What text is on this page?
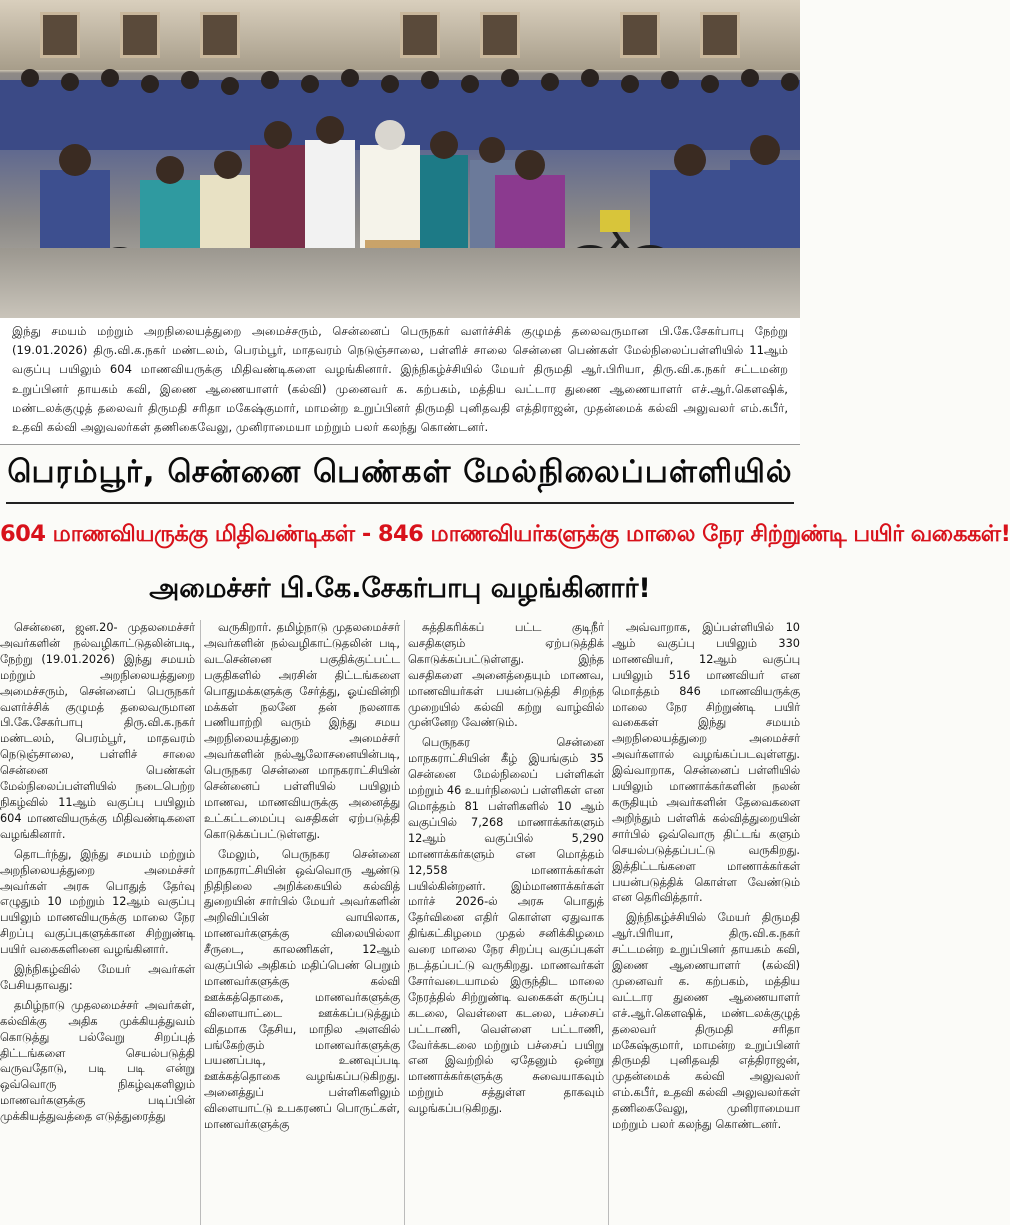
இந்து சமயம் மற்றும் அறநிலையத்துறை அமைச்சரும், சென்னைப் பெருநகர் வளர்ச்சிக் குழுமத் தலைவருமான பி.கே.சேகர்பாபு நேற்று (19.01.2026) திரு.வி.க.நகர் மண்டலம், பெரம்பூர், மாதவரம் நெடுஞ்சாலை, பள்ளிச் சாலை சென்னை பெண்கள் மேல்நிலைப்பள்ளியில் 11ஆம் வகுப்பு பயிலும் 604 மாணவியருக்கு மிதிவண்டிகளை வழங்கினார். இந்நிகழ்ச்சியில் மேயர் திருமதி ஆர்.பிரியா, திரு.வி.க.நகர் சட்டமன்ற உறுப்பினர் தாயகம் கவி, இணை ஆணையாளர் (கல்வி) முனைவர் க. கற்பகம், மத்திய வட்டார துணை ஆணையாளர் எச்.ஆர்.கௌஷிக், மண்டலக்குழுத் தலைவர் திருமதி சரிதா மகேஷ்குமார், மாமன்ற உறுப்பினர் திருமதி புனிதவதி எத்திராஜன், முதன்மைக் கல்வி அலுவலர் எம்.கபீர், உதவி கல்வி அலுவலர்கள் தணிகைவேலு, முனிராமையா மற்றும் பலர் கலந்து கொண்டனர்.

பெரம்பூர், சென்னை பெண்கள் மேல்நிலைப்பள்ளியில்
604 மாணவியருக்கு மிதிவண்டிகள் - 846 மாணவியர்களுக்கு மாலை நேர சிற்றுண்டி பயிர் வகைகள்!
அமைச்சர் பி.கே.சேகர்பாபு வழங்கினார்!

சென்னை, ஜன.20- முதலமைச்சர் அவர்களின் நல்வழிகாட்டுதலின்படி, நேற்று (19.01.2026) இந்து சமயம் மற்றும் அறநிலையத்துறை அமைச்சரும், சென்னைப் பெருநகர் வளர்ச்சிக் குழுமத் தலைவருமான பி.கே.சேகர்பாபு திரு.வி.க.நகர் மண்டலம், பெரம்பூர், மாதவரம் நெடுஞ்சாலை, பள்ளிச் சாலை சென்னை பெண்கள் மேல்நிலைப்பள்ளியில் நடைபெற்ற நிகழ்வில் 11ஆம் வகுப்பு பயிலும் 604 மாணவியருக்கு மிதிவண்டிகளை வழங்கினார்.

தொடர்ந்து, இந்து சமயம் மற்றும் அறநிலையத்துறை அமைச்சர் அவர்கள் அரசு பொதுத் தேர்வு எழுதும் 10 மற்றும் 12ஆம் வகுப்பு பயிலும் மாணவியருக்கு மாலை நேர சிறப்பு வகுப்புகளுக்கான சிற்றுண்டி பயிர் வகைகளினை வழங்கினார்.

இந்நிகழ்வில் மேயர் அவர்கள் பேசியதாவது:

தமிழ்நாடு முதலமைச்சர் அவர்கள், கல்விக்கு அதிக முக்கியத்துவம் கொடுத்து பல்வேறு சிறப்புத் திட்டங்களை செயல்படுத்தி வருவதோடு, படி படி என்று ஒவ்வொரு நிகழ்வுகளிலும் மாணவர்களுக்கு படிப்பின் முக்கியத்துவத்தை எடுத்துரைத்து

வருகிறார். தமிழ்நாடு முதலமைச்சர் அவர்களின் நல்வழிகாட்டுதலின் படி, வடசென்னை பகுதிக்குட்பட்ட பகுதிகளில் அரசின் திட்டங்களை பொதுமக்களுக்கு சேர்த்து, ஓய்வின்றி மக்கள் நலனே தன் நலனாக பணியாற்றி வரும் இந்து சமய அறநிலையத்துறை அமைச்சர் அவர்களின் நல்ஆலோசனையின்படி, பெருநகர சென்னை மாநகராட்சியின் சென்னைப் பள்ளியில் பயிலும் மாணவ, மாணவியருக்கு அனைத்து உட்கட்டமைப்பு வசதிகள் ஏற்படுத்தி கொடுக்கப்பட்டுள்ளது.

மேலும், பெருநகர சென்னை மாநகராட்சியின் ஒவ்வொரு ஆண்டு நிதிநிலை அறிக்கையில் கல்வித் துறையின் சார்பில் மேயர் அவர்களின் அறிவிப்பின் வாயிலாக, மாணவர்களுக்கு விலையில்லா சீருடை, காலணிகள், 12ஆம் வகுப்பில் அதிகம் மதிப்பெண் பெறும் மாணவர்களுக்கு கல்வி ஊக்கத்தொகை, மாணவர்களுக்கு விளையாட்டை ஊக்கப்படுத்தும் விதமாக தேசிய, மாநில அளவில் பங்கேற்கும் மாணவர்களுக்கு பயணப்படி, உணவுப்படி ஊக்கத்தொகை வழங்கப்படுகிறது. அனைத்துப் பள்ளிகளிலும் விளையாட்டு உபகரணப் பொருட்கள், மாணவர்களுக்கு

சுத்திகரிக்கப் பட்ட குடிநீர் வசதிகளும் ஏற்படுத்திக் கொடுக்கப்பட்டுள்ளது. இந்த வசதிகளை அனைத்தையும் மாணவ, மாணவியர்கள் பயன்படுத்தி சிறந்த முறையில் கல்வி கற்று வாழ்வில் முன்னேற வேண்டும்.

பெருநகர சென்னை மாநகராட்சியின் கீழ் இயங்கும் 35 சென்னை மேல்நிலைப் பள்ளிகள் மற்றும் 46 உயர்நிலைப் பள்ளிகள் என மொத்தம் 81 பள்ளிகளில் 10 ஆம் வகுப்பில் 7,268 மாணாக்கர்களும் 12ஆம் வகுப்பில் 5,290 மாணாக்கர்களும் என மொத்தம் 12,558 மாணாக்கர்கள் பயில்கின்றனர். இம்மாணாக்கர்கள் மார்ச் 2026-ல் அரசு பொதுத் தேர்வினை எதிர் கொள்ள ஏதுவாக திங்கட்கிழமை முதல் சனிக்கிழமை வரை மாலை நேர சிறப்பு வகுப்புகள் நடத்தப்பட்டு வருகிறது. மாணவர்கள் சோர்வடையாமல் இருந்திட மாலை நேரத்தில் சிற்றுண்டி வகைகள் கருப்பு கடலை, வெள்ளை கடலை, பச்சைப் பட்டாணி, வெள்ளை பட்டாணி, வேர்க்கடலை மற்றும் பச்சைப் பயிறு என இவற்றில் ஏதேனும் ஒன்று மாணாக்கர்களுக்கு சுவையாகவும் மற்றும் சத்துள்ள தாகவும் வழங்கப்படுகிறது.

அவ்வாறாக, இப்பள்ளியில் 10 ஆம் வகுப்பு பயிலும் 330 மாணவியர், 12ஆம் வகுப்பு பயிலும் 516 மாணவியர் என மொத்தம் 846 மாணவியருக்கு மாலை நேர சிற்றுண்டி பயிர் வகைகள் இந்து சமயம் அறநிலையத்துறை அமைச்சர் அவர்களால் வழங்கப்படவுள்ளது. இவ்வாறாக, சென்னைப் பள்ளியில் பயிலும் மாணாக்கர்களின் நலன் கருதியும் அவர்களின் தேவைகளை அறிந்தும் பள்ளிக் கல்வித்துறையின் சார்பில் ஒவ்வொரு திட்டங் களும் செயல்படுத்தப்பட்டு வருகிறது. இத்திட்டங்களை மாணாக்கர்கள் பயன்படுத்திக் கொள்ள வேண்டும் என தெரிவித்தார்.

இந்நிகழ்ச்சியில் மேயர் திருமதி ஆர்.பிரியா, திரு.வி.க.நகர் சட்டமன்ற உறுப்பினர் தாயகம் கவி, இணை ஆணையாளர் (கல்வி) முனைவர் க. கற்பகம், மத்திய வட்டார துணை ஆணையாளர் எச்.ஆர்.கௌஷிக், மண்டலக்குழுத் தலைவர் திருமதி சரிதா மகேஷ்குமார், மாமன்ற உறுப்பினர் திருமதி புனிதவதி எத்திராஜன், முதன்மைக் கல்வி அலுவலர் எம்.கபீர், உதவி கல்வி அலுவலர்கள் தணிகைவேலு, முனிராமையா மற்றும் பலர் கலந்து கொண்டனர்.
